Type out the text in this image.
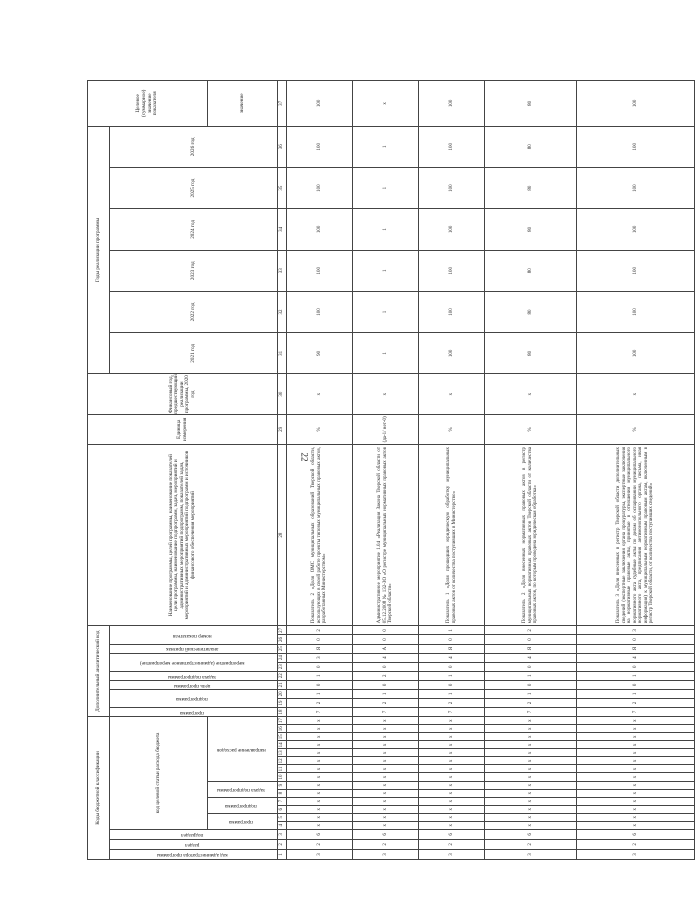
22
Коды бюджетной классификации																	Дополнительный аналитический код										Наименование программы, целей программы, наименование показателей цели программы, наименование подпрограмм, задач, мероприятий и административных мероприятий подпрограмм, показателей задач, мероприятий и административных мероприятий подпрограмм и источников финансового обеспечения мероприятий	Единица измерения	Финансовый год, предшествующий реализации программы, 2020 год	Годы реализации программы						Целевое (суммарное) значение показателя
код администратора программы	раздел	подраздел	код целевой статьи расхода бюджета														программа	подпрограмма		цель программы	задача подпрограммы	мероприятие (административное мероприятие)		аналитический признак	номер показателя					2021 год	2022 год	2023 год	2024 год	2025 год	2026 год	
			программа		подпрограмма		задача подпрограммы		направление расходов																											значение
1	2	3	4	5	6	7	8	9	10	11	12	13	14	15	16	17	18	19	20	21	22	23	24	25	26	27	28	29	30	31	32	33	34	35	36	37
3	2	6	х	х	х	х	х	х	х	х	х	х	х	х	х	х	7	2	1	0	1	0	3	Я	0	2	Показатель 2 «Доля ОМС муниципальных образований Тверской области, использующих в своей работе проекты типовых муниципальных правовых актов, разработанных Министерством»	%	х	90	100	100	100	100	100	100
3	2	6	х	х	х	х	х	х	х	х	х	х	х	х	х	х	7	2	1	0	2	0	4	А	0	0	Административное мероприятие 1.04 «Реализация Закона Тверской области от 05.12.2008 № 132-ЗО «О регистре муниципальных нормативных правовых актов Тверской области»	(да-1/ нет-0)	х	1	1	1	1	1	1	х
3	2	6	х	х	х	х	х	х	х	х	х	х	х	х	х	х	7	2	1	0	1	0	4	Я	0	1	Показатель 1 «Доля прошедших юридическую обработку муниципальных правовых актов от количества поступивших в Министерство»	%	х	100	100	100	100	100	100	100
3	2	6	х	х	х	х	х	х	х	х	х	х	х	х	х	х	7	2	1	0	1	0	4	Я	0	2	Показатель 2 «Доля внесенных нормативных правовых актов в регистр муниципальных нормативных правовых актов Тверской области от количества правовых актов, по которым проведена юридическая обработка»	%	х	80	80	80	80	80	80	80
3	2	6	х	х	х	х	х	х	х	х	х	х	х	х	х	х	7	2	1	0	1	0	4	Я	0	3	Показатель 3 «Доля внесенных в регистр Тверской области дополнительных сведений (экспертные заключения органа прокуратуры, экспертные заключения на нормативные правовые акты, принятые в отношении муниципального нормативного акта судебные акты по делам об оспаривании муниципального нормативного акта, предписания антимонопольного органа, письма, иная информация) к муниципальным нормативным правовым актам, включенным в регистр Тверской области, от количества поступивших сведений»	%	х	100	100	100	100	100	100	100
